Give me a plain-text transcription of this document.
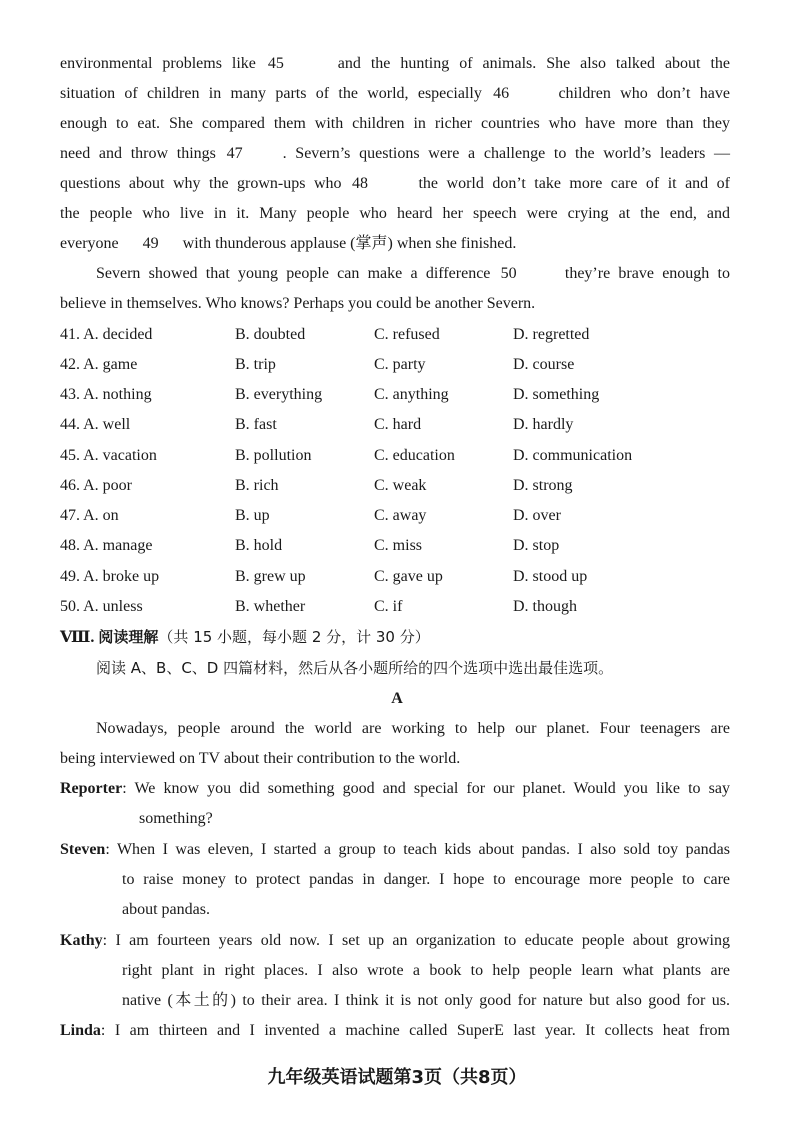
environmental problems like 45	and the hunting of animals. She also talked about the
situation of children in many parts of the world, especially 46	children who don’t have
enough to eat. She compared them with children in richer countries who have more than they
need and throw things 47	. Severn’s questions were a challenge to the world’s leaders —
questions about why the grown-ups who 48	the world don’t take more care of it and of
the people who live in it. Many people who heard her speech were crying at the end, and
everyone 49 with thunderous applause (掌声) when she finished.
Severn showed that young people can make a difference 50	they’re brave enough to
believe in themselves. Who knows? Perhaps you could be another Severn.
41. A. decided	B. doubted	C. refused	D. regretted
42. A. game	B. trip	C. party	D. course
43. A. nothing	B. everything	C. anything	D. something
44. A. well	B. fast	C. hard	D. hardly
45. A. vacation	B. pollution	C. education	D. communication
46. A. poor	B. rich	C. weak	D. strong
47. A. on	B. up	C. away	D. over
48. A. manage	B. hold	C. miss	D. stop
49. A. broke up	B. grew up	C. gave up	D. stood up
50. A. unless	B. whether	C. if	D. though
Ⅷ. 阅读理解（共 15 小题，每小题 2 分，计 30 分）
阅读 A、B、C、D 四篇材料，然后从各小题所给的四个选项中选出最佳选项。
A
Nowadays, people around the world are working to help our planet. Four teenagers are
being interviewed on TV about their contribution to the world.
Reporter: We know you did something good and special for our planet. Would you like to say
something?
Steven: When I was eleven, I started a group to teach kids about pandas. I also sold toy pandas
to raise money to protect pandas in danger. I hope to encourage more people to care
about pandas.
Kathy: I am fourteen years old now. I set up an organization to educate people about growing
right plant in right places. I also wrote a book to help people learn what plants are
native (本土的) to their area. I think it is not only good for nature but also good for us.
Linda: I am thirteen and I invented a machine called SuperE last year. It collects heat from
九年级英语试题第3页（共8页）
